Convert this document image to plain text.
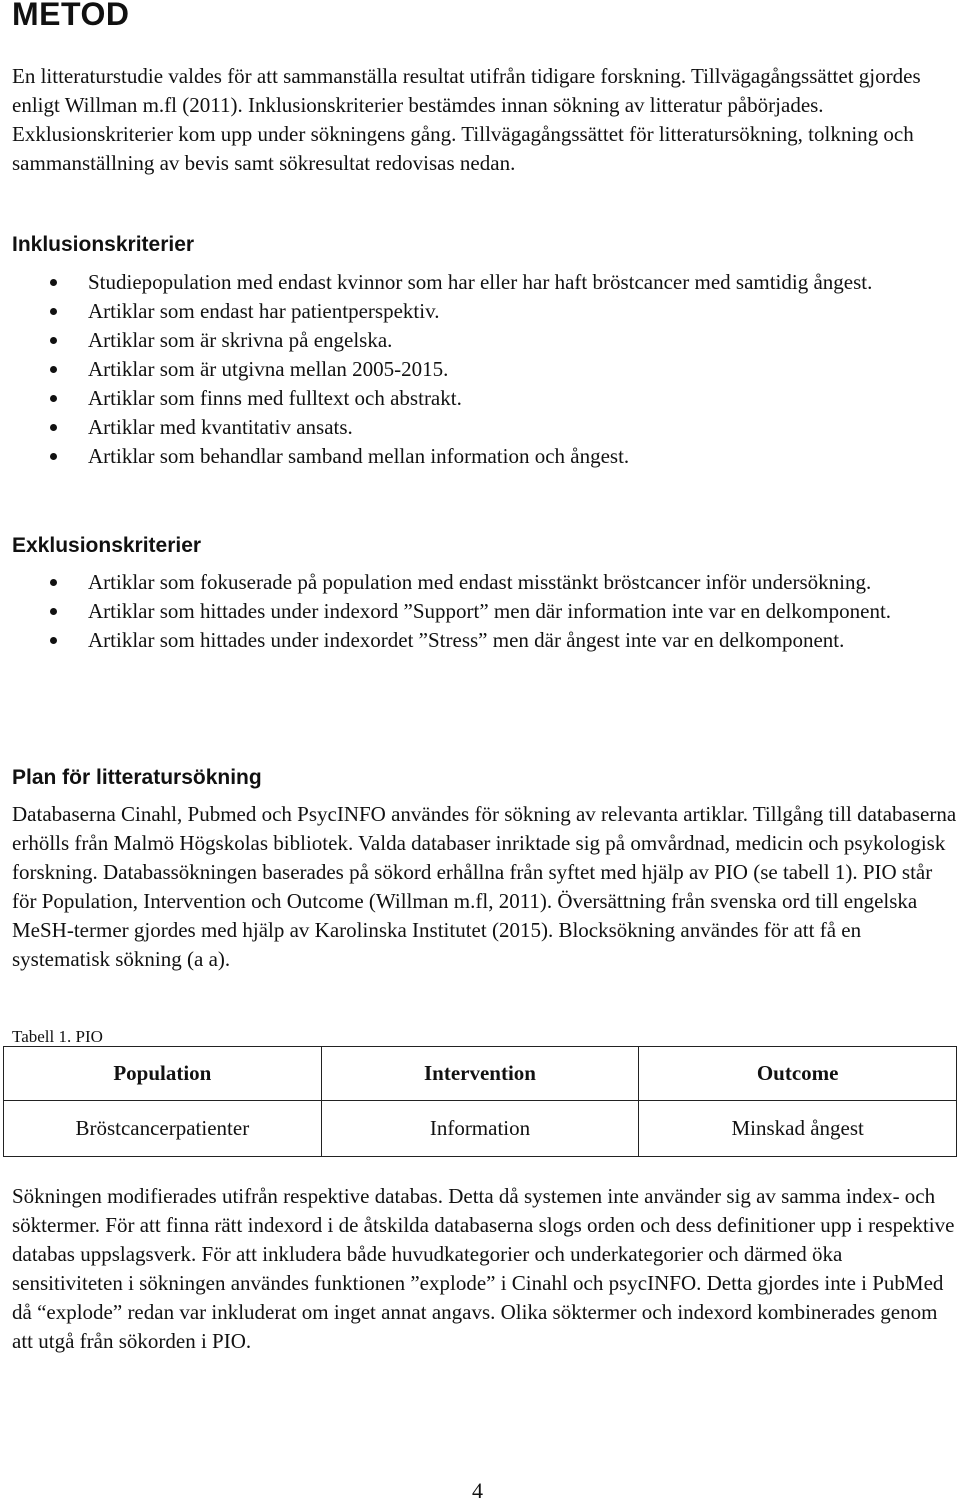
METOD

En litteraturstudie valdes för att sammanställa resultat utifrån tidigare forskning. Tillvägagångssättet gjordes enligt Willman m.fl (2011). Inklusionskriterier bestämdes innan sökning av litteratur påbörjades. Exklusionskriterier kom upp under sökningens gång. Tillvägagångssättet för litteratursökning, tolkning och sammanställning av bevis samt sökresultat redovisas nedan.

Inklusionskriterier
Studiepopulation med endast kvinnor som har eller har haft bröstcancer med samtidig ångest.
Artiklar som endast har patientperspektiv.
Artiklar som är skrivna på engelska.
Artiklar som är utgivna mellan 2005-2015.
Artiklar som finns med fulltext och abstrakt.
Artiklar med kvantitativ ansats.
Artiklar som behandlar samband mellan information och ångest.
Exklusionskriterier
Artiklar som fokuserade på population med endast misstänkt bröstcancer inför undersökning.
Artiklar som hittades under indexord ”Support” men där information inte var en delkomponent.
Artiklar som hittades under indexordet ”Stress” men där ångest inte var en delkomponent.
Plan för litteratursökning

Databaserna Cinahl, Pubmed och PsycINFO användes för sökning av relevanta artiklar. Tillgång till databaserna erhölls från Malmö Högskolas bibliotek. Valda databaser inriktade sig på omvårdnad, medicin och psykologisk forskning. Databassökningen baserades på sökord erhållna från syftet med hjälp av PIO (se tabell 1). PIO står för Population, Intervention och Outcome (Willman m.fl, 2011). Översättning från svenska ord till engelska MeSH-termer gjordes med hjälp av Karolinska Institutet (2015). Blocksökning användes för att få en systematisk sökning (a a).

Tabell 1. PIO

Population	Intervention	Outcome
Bröstcancerpatienter	Information	Minskad ångest

Sökningen modifierades utifrån respektive databas. Detta då systemen inte använder sig av samma index- och söktermer. För att finna rätt indexord i de åtskilda databaserna slogs orden och dess definitioner upp i respektive databas uppslagsverk. För att inkludera både huvudkategorier och underkategorier och därmed öka sensitiviteten i sökningen användes funktionen ”explode” i Cinahl och psycINFO. Detta gjordes inte i PubMed då “explode” redan var inkluderat om inget annat angavs. Olika söktermer och indexord kombinerades genom att utgå från sökorden i PIO.

4
